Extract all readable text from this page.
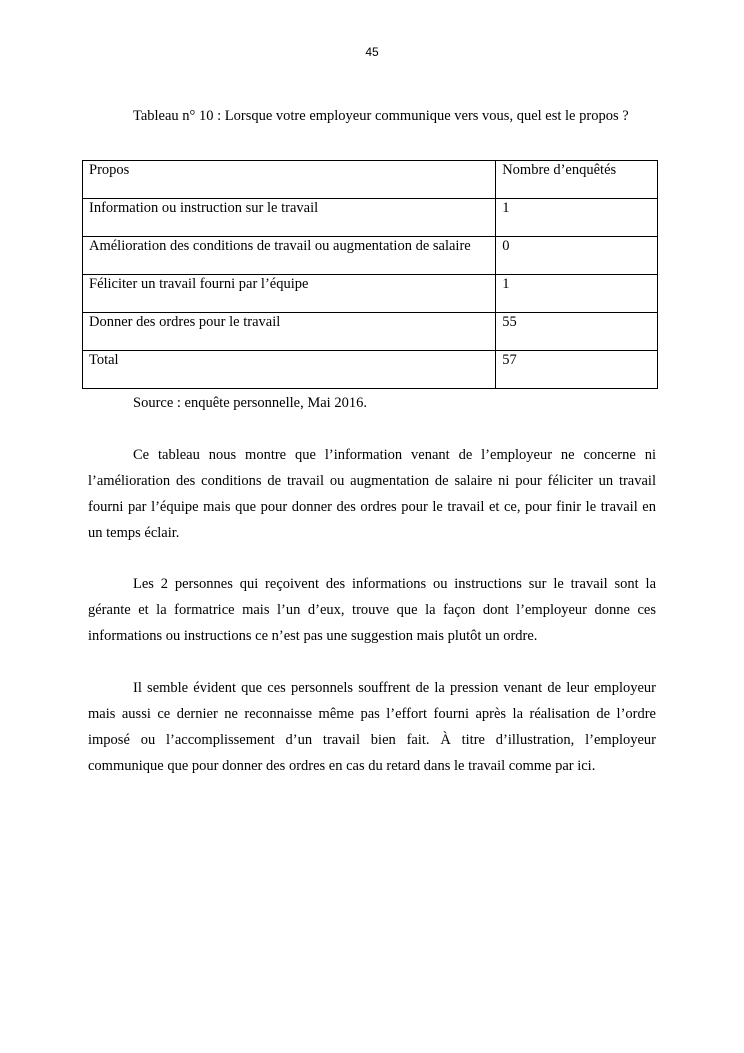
45
Tableau n° 10 : Lorsque votre employeur communique vers vous, quel est le propos ?
Propos	Nombre d’enquêtés
Information ou instruction sur le travail	1
Amélioration des conditions de travail ou augmentation de salaire	0
Féliciter un travail fourni par l’équipe	1
Donner des ordres pour le travail	55
Total	57
Source : enquête personnelle, Mai 2016.

Ce tableau nous montre que l’information venant de l’employeur ne concerne ni l’amélioration des conditions de travail ou augmentation de salaire ni pour féliciter un travail fourni par l’équipe mais que pour donner des ordres pour le travail et ce, pour finir le travail en un temps éclair.

Les 2 personnes qui reçoivent des informations ou instructions sur le travail sont la gérante et la formatrice mais l’un d’eux, trouve que la façon dont l’employeur donne ces informations ou instructions ce n’est pas une suggestion mais plutôt un ordre.

Il semble évident que ces personnels souffrent de la pression venant de leur employeur mais aussi ce dernier ne reconnaisse même pas l’effort fourni après la réalisation de l’ordre imposé ou l’accomplissement d’un travail bien fait. À titre d’illustration, l’employeur communique que pour donner des ordres en cas du retard dans le travail comme par ici.
